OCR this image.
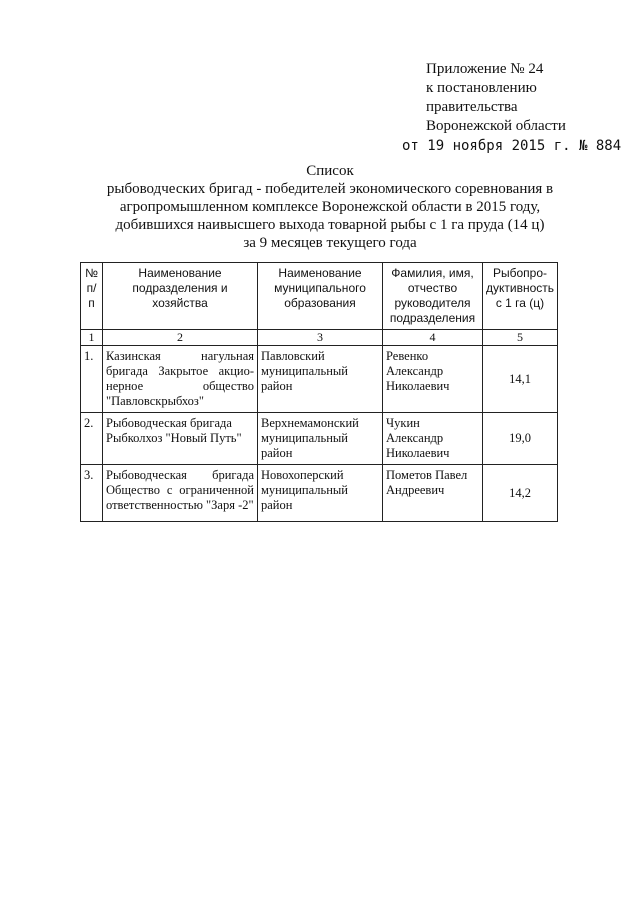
Приложение № 24
к постановлению
правительства
Воронежской области
от 19 ноября 2015 г. № 884
Список
рыбоводческих бригад - победителей экономического соревнования в
агропромышленном комплексе Воронежской области в 2015 году,
добившихся наивысшего выхода товарной рыбы с 1 га пруда (14 ц)
за 9 месяцев текущего года
№ п/п	Наименование подразделения и хозяйства	Наименование муниципального образования	Фамилия, имя, отчество руководителя подразделения	Рыбопро-дуктивность с 1 га (ц)
1	2	3	4	5
1.	Казинская нагульная бригада Закрытое акцио-нерное общество "Павловскрыбхоз"	Павловский муниципальный район	Ревенко Александр Николаевич	14,1
2.	Рыбоводческая бригада Рыбколхоз "Новый Путь"	Верхнемамонский муниципальный район	Чукин Александр Николаевич	19,0
3.	Рыбоводческая бригада Общество с ограниченной ответственностью "Заря -2"	Новохоперский муниципальный район	Пометов Павел Андреевич	14,2
